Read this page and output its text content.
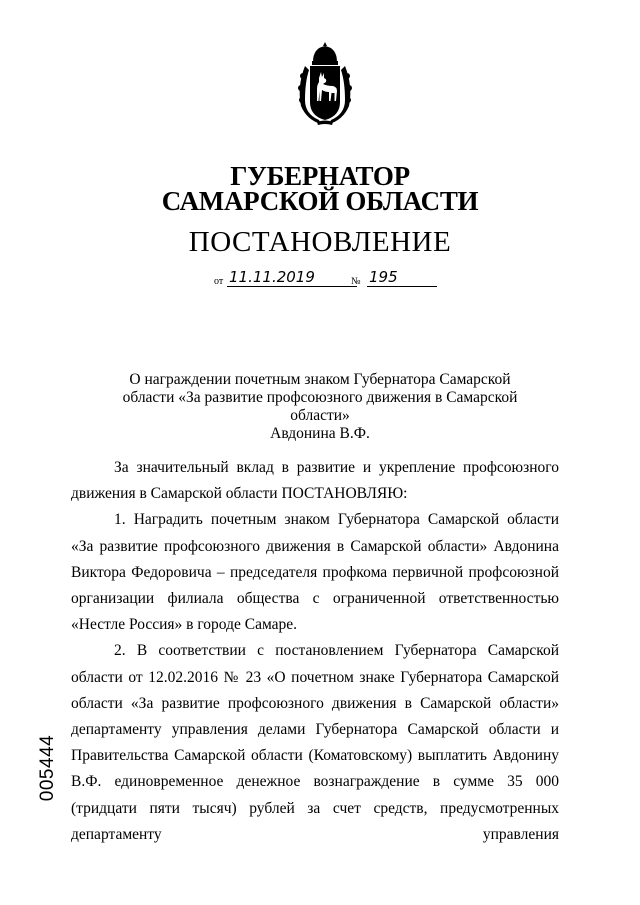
ГУБЕРНАТОР
САМАРСКОЙ ОБЛАСТИ
ПОСТАНОВЛЕНИЕ
от 11.11.2019	№ 195
О награждении почетным знаком Губернатора Самарской
области «За развитие профсоюзного движения в Самарской области»
Авдонина В.Ф.

За значительный вклад в развитие и укрепление профсоюзного движения в Самарской области ПОСТАНОВЛЯЮ:

1. Наградить почетным знаком Губернатора Самарской области «За развитие профсоюзного движения в Самарской области» Авдонина Виктора Федоровича – председателя профкома первичной профсоюзной организации филиала общества с ограниченной ответственностью «Нестле Россия» в городе Самаре.

2. В соответствии с постановлением Губернатора Самарской области от 12.02.2016 № 23 «О почетном знаке Губернатора Самарской области «За развитие профсоюзного движения в Самарской области» департаменту управления делами Губернатора Самарской области и Правительства Самарской области (Коматовскому) выплатить Авдонину В.Ф. единовременное денежное вознаграждение в сумме 35 000 (тридцати пяти тысяч) рублей за счет средств, предусмотренных департаменту управления

005444
